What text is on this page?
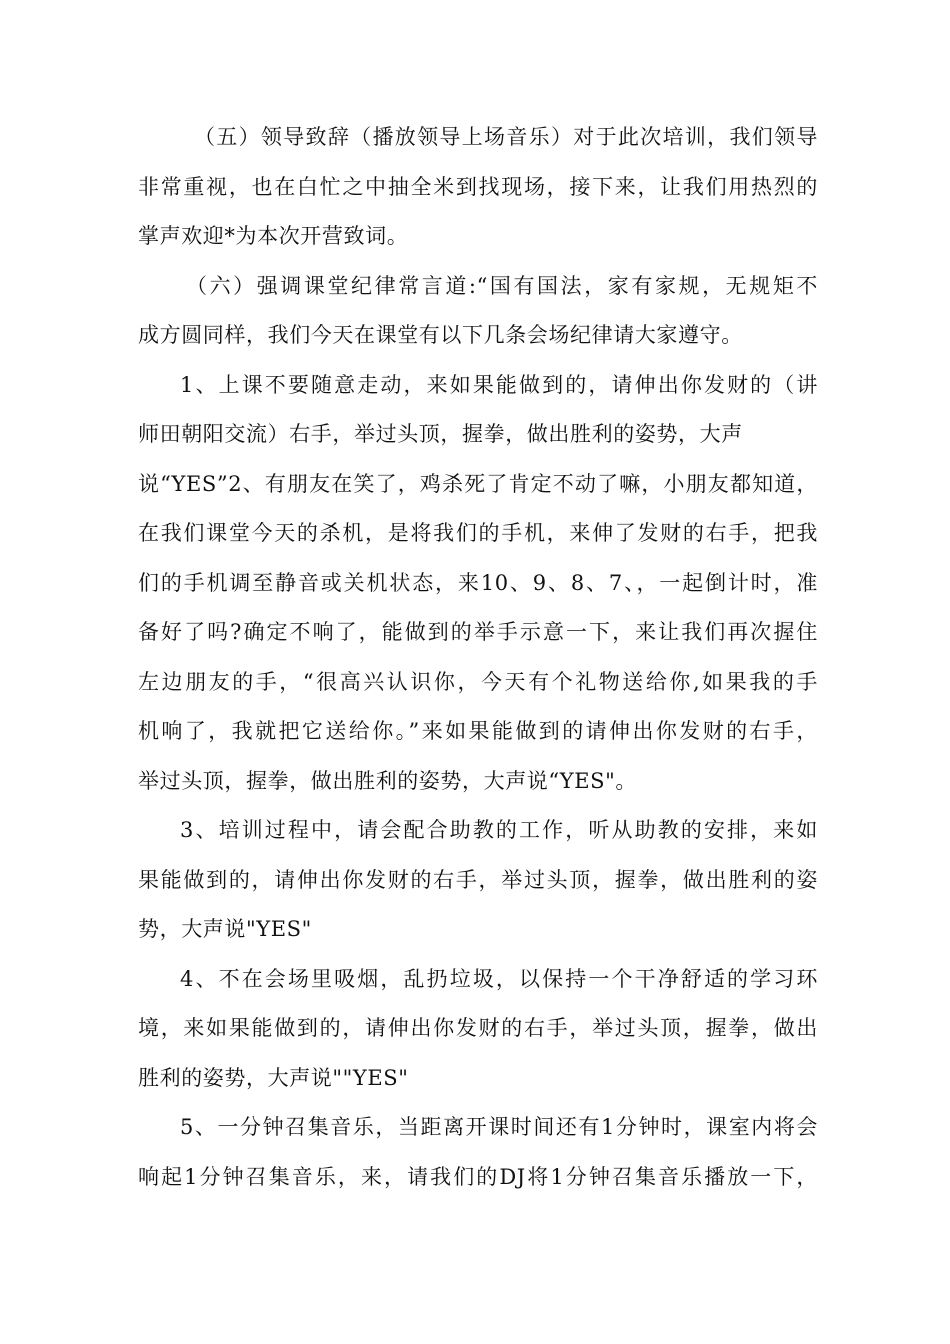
（五）领导致辞（播放领导上场音乐）对于此次培训，我们领导
非常重视，也在白忙之中抽全米到找现场，接下来，让我们用热烈的
掌声欢迎*为本次开营致词。
（六）强调课堂纪律常言道:“国有国法，家有家规，无规矩不
成方圆同样，我们今天在课堂有以下几条会场纪律请大家遵守。
1、上课不要随意走动，来如果能做到的，请伸出你发财的（讲
师田朝阳交流）右手，举过头顶，握拳，做出胜利的姿势，大声
说“YES”2、有朋友在笑了，鸡杀死了肯定不动了嘛，小朋友都知道，
在我们课堂今天的杀机，是将我们的手机，来伸了发财的右手，把我
们的手机调至静音或关机状态，来10、9、8、7、，一起倒计时，准
备好了吗?确定不响了，能做到的举手示意一下，来让我们再次握住
左边朋友的手，“很高兴认识你，今天有个礼物送给你,如果我的手
机响了，我就把它送给你。”来如果能做到的请伸出你发财的右手，
举过头顶，握拳，做出胜利的姿势，大声说“YES"。
3、培训过程中，请会配合助教的工作，听从助教的安排，来如
果能做到的，请伸出你发财的右手，举过头顶，握拳，做出胜利的姿
势，大声说"YES"
4、不在会场里吸烟，乱扔垃圾，以保持一个干净舒适的学习环
境，来如果能做到的，请伸出你发财的右手，举过头顶，握拳，做出
胜利的姿势，大声说""YES"
5、一分钟召集音乐，当距离开课时间还有1分钟时，课室内将会
响起1分钟召集音乐，来，请我们的DJ将1分钟召集音乐播放一下，
